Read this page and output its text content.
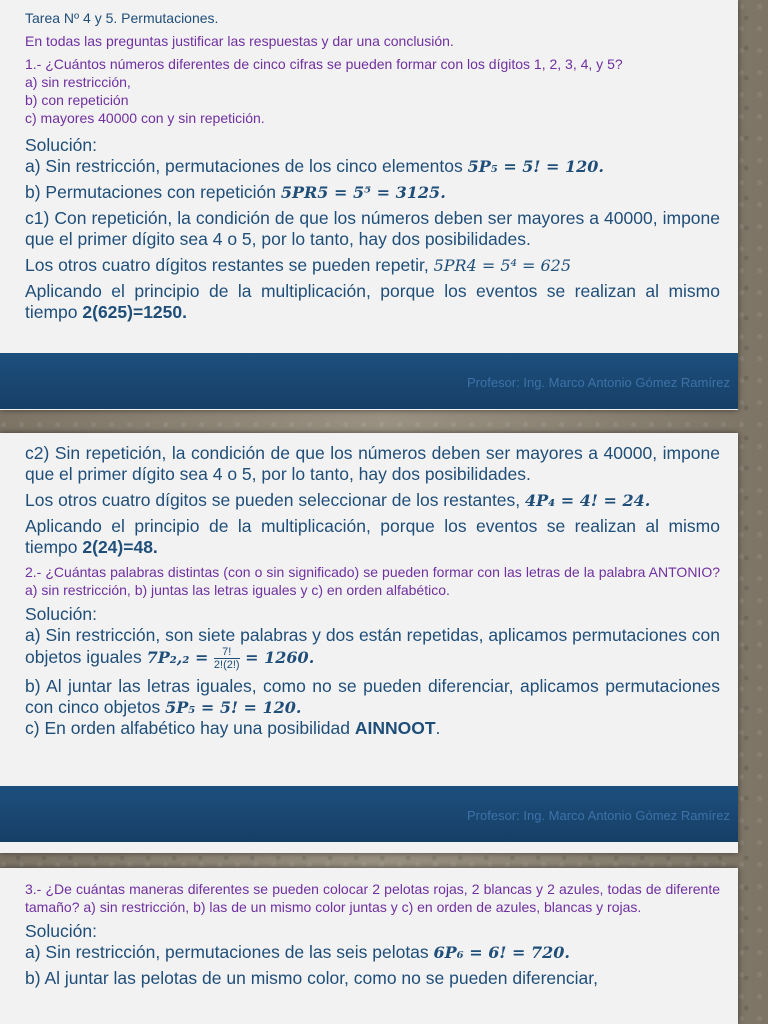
Tarea Nº 4 y 5. Permutaciones.
En todas las preguntas justificar las respuestas y dar una conclusión.
1.- ¿Cuántos números diferentes de cinco cifras se pueden formar con los dígitos 1, 2, 3, 4, y 5?
a) sin restricción,
b) con repetición
c) mayores 40000 con y sin repetición.
Solución:
a) Sin restricción, permutaciones de los cinco elementos 5P₅ = 5! = 120.
b) Permutaciones con repetición 5PR5 = 5⁵ = 3125.
c1) Con repetición, la condición de que los números deben ser mayores a 40000, impone que el primer dígito sea 4 o 5, por lo tanto, hay dos posibilidades.
Los otros cuatro dígitos restantes se pueden repetir, 5PR4 = 5⁴ = 625
Aplicando el principio de la multiplicación, porque los eventos se realizan al mismo tiempo 2(625)=1250.
Profesor: Ing. Marco Antonio Gómez Ramírez
c2) Sin repetición, la condición de que los números deben ser mayores a 40000, impone que el primer dígito sea 4 o 5, por lo tanto, hay dos posibilidades.
Los otros cuatro dígitos se pueden seleccionar de los restantes, 4P₄ = 4! = 24.
Aplicando el principio de la multiplicación, porque los eventos se realizan al mismo tiempo 2(24)=48.
2.- ¿Cuántas palabras distintas (con o sin significado) se pueden formar con las letras de la palabra ANTONIO? a) sin restricción, b) juntas las letras iguales y c) en orden alfabético.
Solución:
a) Sin restricción, son siete palabras y dos están repetidas, aplicamos permutaciones con objetos iguales $7P_2,_2 = \frac{7!}{2!(2!)} = 1260$.
b) Al juntar las letras iguales, como no se pueden diferenciar, aplicamos permutaciones con cinco objetos 5P₅ = 5! = 120.
c) En orden alfabético hay una posibilidad AINNOOT.
Profesor: Ing. Marco Antonio Gómez Ramírez
3.- ¿De cuántas maneras diferentes se pueden colocar 2 pelotas rojas, 2 blancas y 2 azules, todas de diferente tamaño? a) sin restricción, b) las de un mismo color juntas y c) en orden de azules, blancas y rojas.
Solución:
a) Sin restricción, permutaciones de las seis pelotas 6P₆ = 6! = 720.
b) Al juntar las pelotas de un mismo color, como no se pueden diferenciar,
